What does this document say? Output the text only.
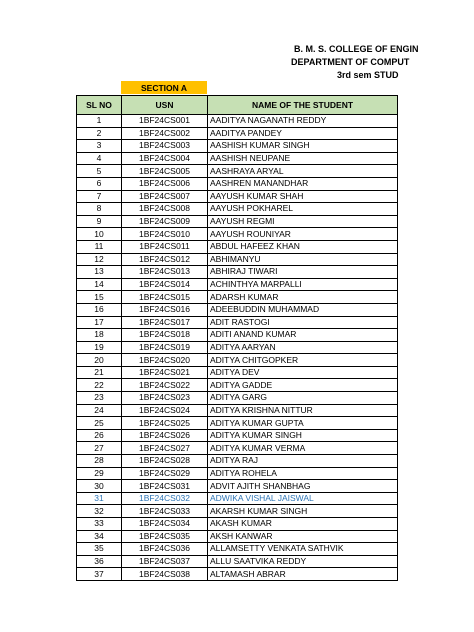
B. M. S. COLLEGE OF ENGIN
DEPARTMENT OF COMPUT
3rd sem STUD
SECTION A
SL NO	USN	NAME OF THE STUDENT
1	1BF24CS001	AADITYA NAGANATH REDDY
2	1BF24CS002	AADITYA PANDEY
3	1BF24CS003	AASHISH KUMAR SINGH
4	1BF24CS004	AASHISH NEUPANE
5	1BF24CS005	AASHRAYA ARYAL
6	1BF24CS006	AASHREN MANANDHAR
7	1BF24CS007	AAYUSH KUMAR SHAH
8	1BF24CS008	AAYUSH POKHAREL
9	1BF24CS009	AAYUSH REGMI
10	1BF24CS010	AAYUSH ROUNIYAR
11	1BF24CS011	ABDUL HAFEEZ KHAN
12	1BF24CS012	ABHIMANYU
13	1BF24CS013	ABHIRAJ TIWARI
14	1BF24CS014	ACHINTHYA MARPALLI
15	1BF24CS015	ADARSH KUMAR
16	1BF24CS016	ADEEBUDDIN MUHAMMAD
17	1BF24CS017	ADIT RASTOGI
18	1BF24CS018	ADITI ANAND KUMAR
19	1BF24CS019	ADITYA AARYAN
20	1BF24CS020	ADITYA CHITGOPKER
21	1BF24CS021	ADITYA DEV
22	1BF24CS022	ADITYA GADDE
23	1BF24CS023	ADITYA GARG
24	1BF24CS024	ADITYA KRISHNA NITTUR
25	1BF24CS025	ADITYA KUMAR GUPTA
26	1BF24CS026	ADITYA KUMAR SINGH
27	1BF24CS027	ADITYA KUMAR VERMA
28	1BF24CS028	ADITYA RAJ
29	1BF24CS029	ADITYA ROHELA
30	1BF24CS031	ADVIT AJITH SHANBHAG
31	1BF24CS032	ADWIKA VISHAL JAISWAL
32	1BF24CS033	AKARSH KUMAR SINGH
33	1BF24CS034	AKASH KUMAR
34	1BF24CS035	AKSH KANWAR
35	1BF24CS036	ALLAMSETTY VENKATA SATHVIK
36	1BF24CS037	ALLU SAATVIKA REDDY
37	1BF24CS038	ALTAMASH ABRAR
